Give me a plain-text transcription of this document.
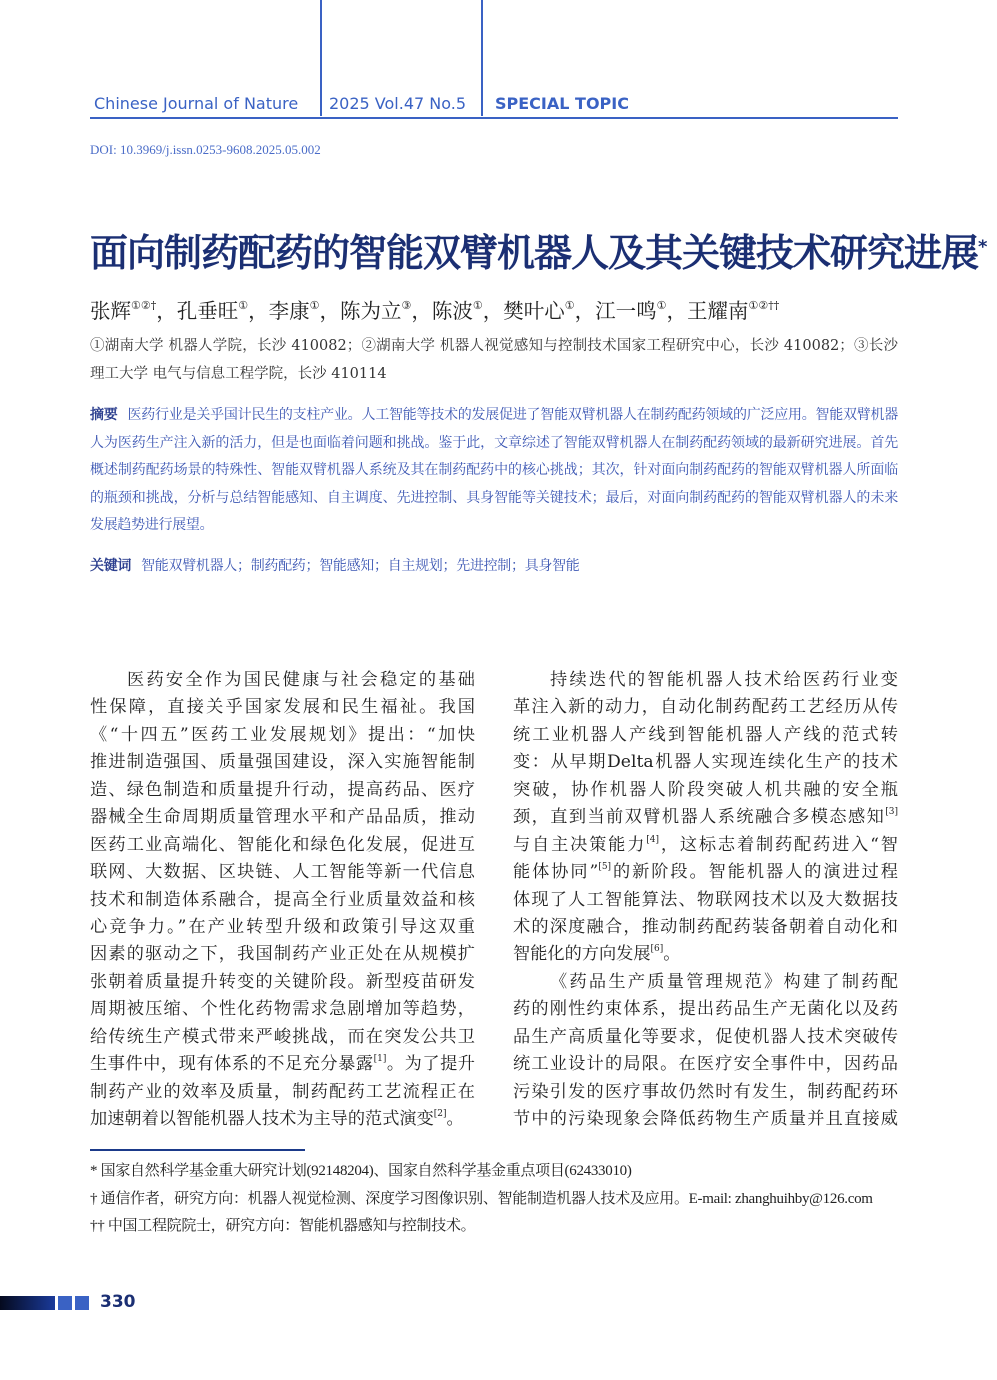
Chinese Journal of Nature	2025 Vol.47 No.5	SPECIAL TOPIC
DOI: 10.3969/j.issn.0253-9608.2025.05.002
面向制药配药的智能双臂机器人及其关键技术研究进展*
张辉①②†，孔垂旺①，李康①，陈为立③，陈波①，樊叶心①，江一鸣①，王耀南①②††
①湖南大学 机器人学院，长沙 410082；②湖南大学 机器人视觉感知与控制技术国家工程研究中心，长沙 410082；③长沙理工大学 电气与信息工程学院，长沙 410114
摘要 医药行业是关乎国计民生的支柱产业。人工智能等技术的发展促进了智能双臂机器人在制药配药领域的广泛应用。智能双臂机器人为医药生产注入新的活力，但是也面临着问题和挑战。鉴于此，文章综述了智能双臂机器人在制药配药领域的最新研究进展。首先概述制药配药场景的特殊性、智能双臂机器人系统及其在制药配药中的核心挑战；其次，针对面向制药配药的智能双臂机器人所面临的瓶颈和挑战，分析与总结智能感知、自主调度、先进控制、具身智能等关键技术；最后，对面向制药配药的智能双臂机器人的未来发展趋势进行展望。
关键词 智能双臂机器人；制药配药；智能感知；自主规划；先进控制；具身智能
医药安全作为国民健康与社会稳定的基础
性保障，直接关乎国家发展和民生福祉。我国
《“十四五”医药工业发展规划》提出：“加快
推进制造强国、质量强国建设，深入实施智能制
造、绿色制造和质量提升行动，提高药品、医疗
器械全生命周期质量管理水平和产品品质，推动
医药工业高端化、智能化和绿色化发展，促进互
联网、大数据、区块链、人工智能等新一代信息
技术和制造体系融合，提高全行业质量效益和核
心竞争力。”在产业转型升级和政策引导这双重
因素的驱动之下，我国制药产业正处在从规模扩
张朝着质量提升转变的关键阶段。新型疫苗研发
周期被压缩、个性化药物需求急剧增加等趋势，
给传统生产模式带来严峻挑战，而在突发公共卫
生事件中，现有体系的不足充分暴露[1]。为了提升
制药产业的效率及质量，制药配药工艺流程正在
加速朝着以智能机器人技术为主导的范式演变[2]。
持续迭代的智能机器人技术给医药行业变
革注入新的动力，自动化制药配药工艺经历从传
统工业机器人产线到智能机器人产线的范式转
变：从早期Delta机器人实现连续化生产的技术
突破，协作机器人阶段突破人机共融的安全瓶
颈，直到当前双臂机器人系统融合多模态感知[3]
与自主决策能力[4]，这标志着制药配药进入“智
能体协同”[5]的新阶段。智能机器人的演进过程
体现了人工智能算法、物联网技术以及大数据技
术的深度融合，推动制药配药装备朝着自动化和
智能化的方向发展[6]。
《药品生产质量管理规范》构建了制药配
药的刚性约束体系，提出药品生产无菌化以及药
品生产高质量化等要求，促使机器人技术突破传
统工业设计的局限。在医疗安全事件中，因药品
污染引发的医疗事故仍然时有发生，制药配药环
节中的污染现象会降低药物生产质量并且直接威
* 国家自然科学基金重大研究计划(92148204)、国家自然科学基金重点项目(62433010)
† 通信作者，研究方向：机器人视觉检测、深度学习图像识别、智能制造机器人技术及应用。E-mail: zhanghuihby@126.com
†† 中国工程院院士，研究方向：智能机器感知与控制技术。
330
